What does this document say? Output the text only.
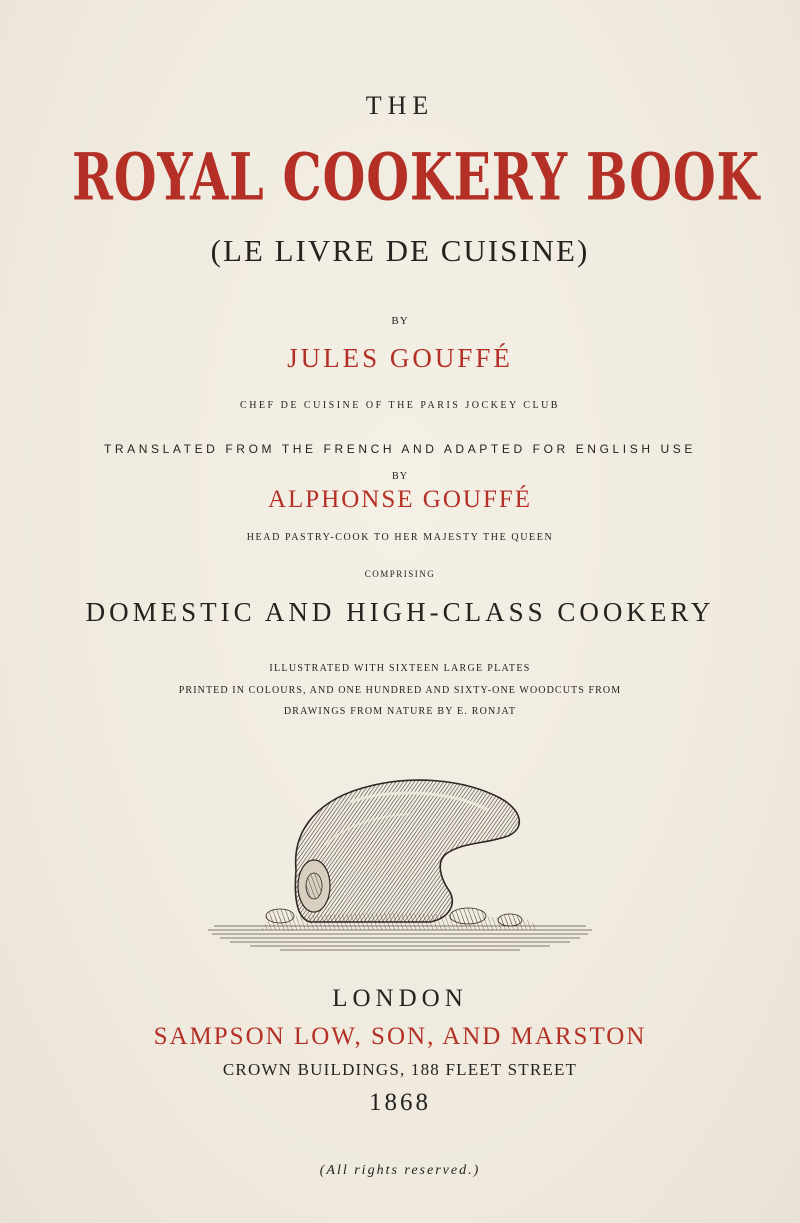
THE
ROYAL COOKERY BOOK
(LE LIVRE DE CUISINE)
BY
JULES GOUFFÉ
CHEF DE CUISINE OF THE PARIS JOCKEY CLUB
TRANSLATED FROM THE FRENCH AND ADAPTED FOR ENGLISH USE
BY
ALPHONSE GOUFFÉ
HEAD PASTRY-COOK TO HER MAJESTY THE QUEEN
COMPRISING
DOMESTIC AND HIGH-CLASS COOKERY
ILLUSTRATED WITH SIXTEEN LARGE PLATES
PRINTED IN COLOURS, AND ONE HUNDRED AND SIXTY-ONE WOODCUTS FROM
DRAWINGS FROM NATURE BY E. RONJAT
LONDON
SAMPSON LOW, SON, AND MARSTON
CROWN BUILDINGS, 188 FLEET STREET
1868
(All rights reserved.)
